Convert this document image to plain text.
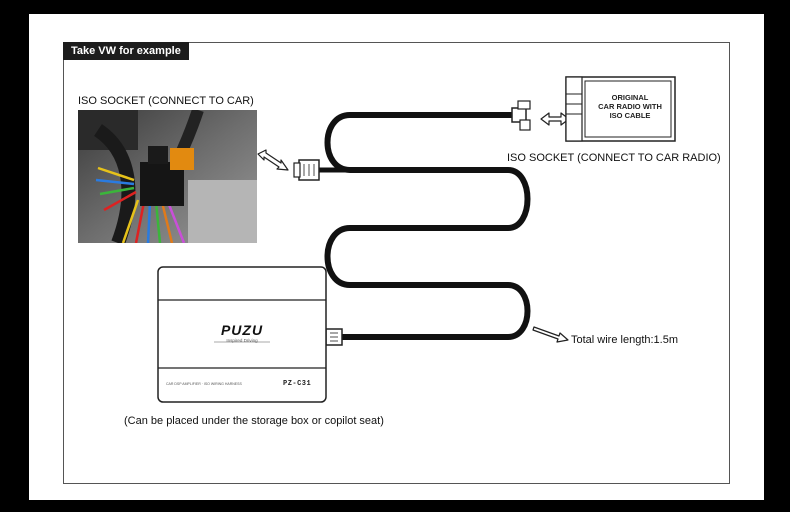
Take VW for example
ISO SOCKET (CONNECT TO CAR)
ISO SOCKET (CONNECT TO CAR RADIO)
Total wire length:1.5m
(Can be placed under the storage box or copilot seat)
ORIGINAL
CAR RADIO WITH
ISO CABLE
PUZU
Inspired Driving
CAR DSP AMPLIFIER · ISO WIRING HARNESS	PZ-C31
